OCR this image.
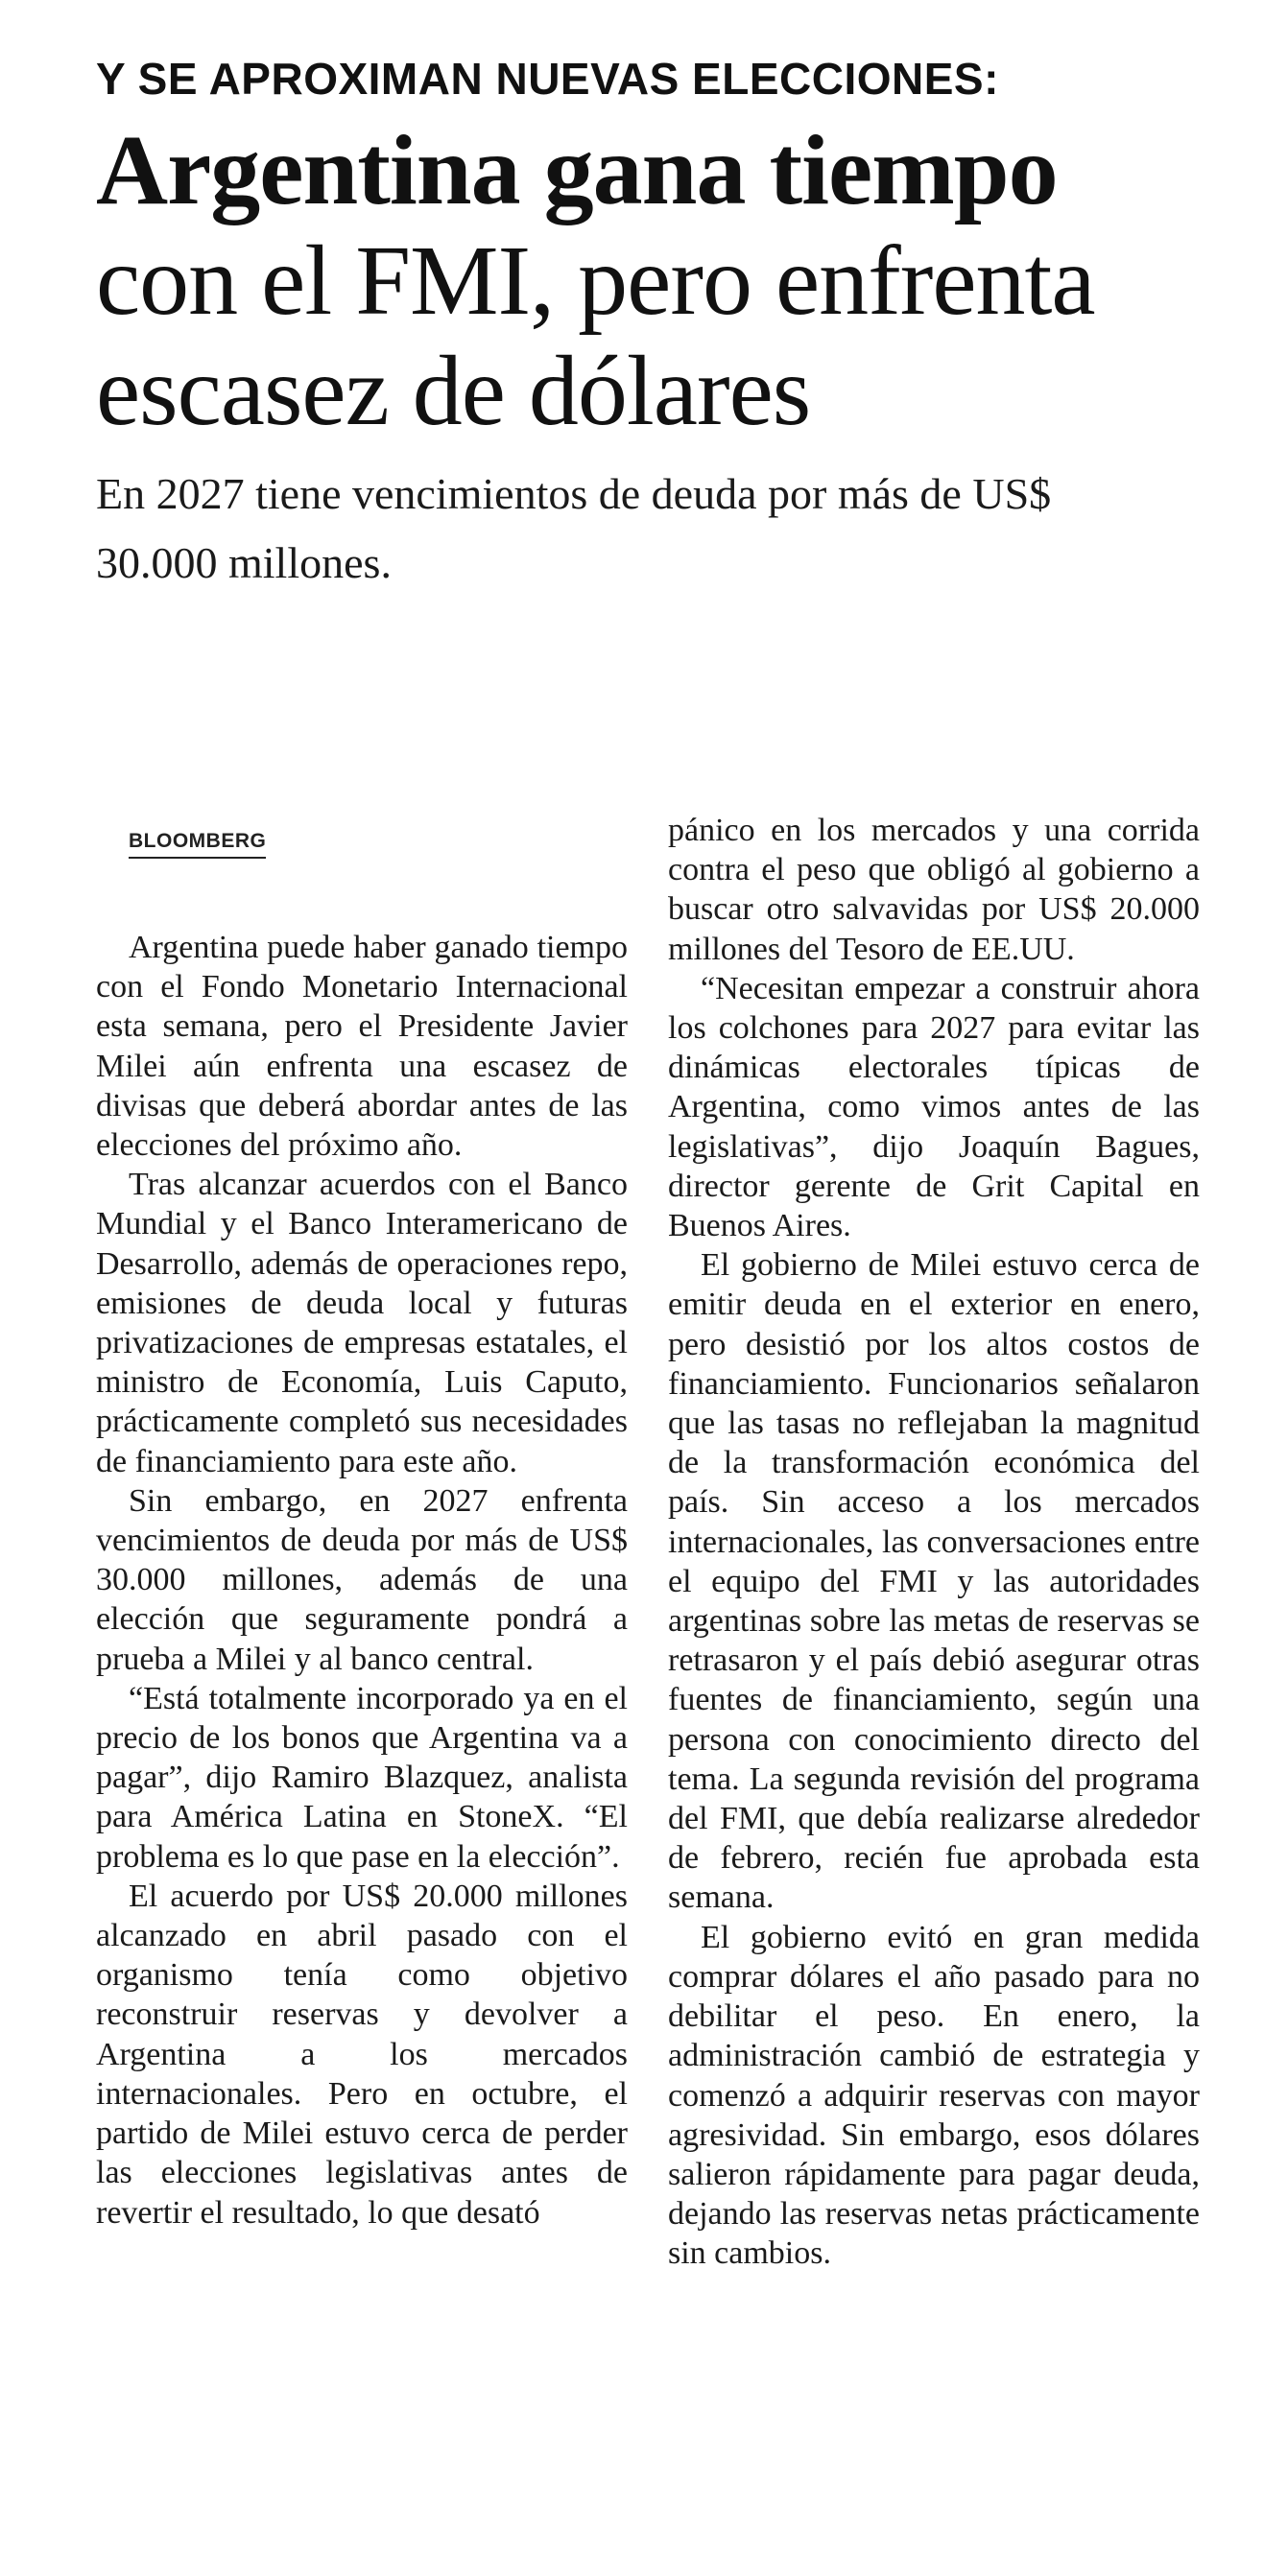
Y SE APROXIMAN NUEVAS ELECCIONES:
Argentina gana tiempo con el FMI, pero enfrenta escasez de dólares
En 2027 tiene vencimientos de deuda por más de US$ 30.000 millones.
BLOOMBERG

Argentina puede haber ganado tiempo con el Fondo Monetario Internacional esta semana, pero el Presidente Javier Milei aún enfrenta una escasez de divisas que deberá abordar antes de las elecciones del próximo año.

Tras alcanzar acuerdos con el Banco Mundial y el Banco Interamericano de Desarrollo, además de operaciones repo, emisiones de deuda local y futuras privatizaciones de empresas estatales, el ministro de Economía, Luis Caputo, prácticamente completó sus necesidades de financiamiento para este año.

Sin embargo, en 2027 enfrenta vencimientos de deuda por más de US$ 30.000 millones, además de una elección que seguramente pondrá a prueba a Milei y al banco central.

“Está totalmente incorporado ya en el precio de los bonos que Argentina va a pagar”, dijo Ramiro Blazquez, analista para América Latina en StoneX. “El problema es lo que pase en la elección”.

El acuerdo por US$ 20.000 millones alcanzado en abril pasado con el organismo tenía como objetivo reconstruir reservas y devolver a Argentina a los mercados internacionales. Pero en octubre, el partido de Milei estuvo cerca de perder las elecciones legislativas antes de revertir el resultado, lo que desató

pánico en los mercados y una corrida contra el peso que obligó al gobierno a buscar otro salvavidas por US$ 20.000 millones del Tesoro de EE.UU.

“Necesitan empezar a construir ahora los colchones para 2027 para evitar las dinámicas electorales típicas de Argentina, como vimos antes de las legislativas”, dijo Joaquín Bagues, director gerente de Grit Capital en Buenos Aires.

El gobierno de Milei estuvo cerca de emitir deuda en el exterior en enero, pero desistió por los altos costos de financiamiento. Funcionarios señalaron que las tasas no reflejaban la magnitud de la transformación económica del país. Sin acceso a los mercados internacionales, las conversaciones entre el equipo del FMI y las autoridades argentinas sobre las metas de reservas se retrasaron y el país debió asegurar otras fuentes de financiamiento, según una persona con conocimiento directo del tema. La segunda revisión del programa del FMI, que debía realizarse alrededor de febrero, recién fue aprobada esta semana.

El gobierno evitó en gran medida comprar dólares el año pasado para no debilitar el peso. En enero, la administración cambió de estrategia y comenzó a adquirir reservas con mayor agresividad. Sin embargo, esos dólares salieron rápidamente para pagar deuda, dejando las reservas netas prácticamente sin cambios.
